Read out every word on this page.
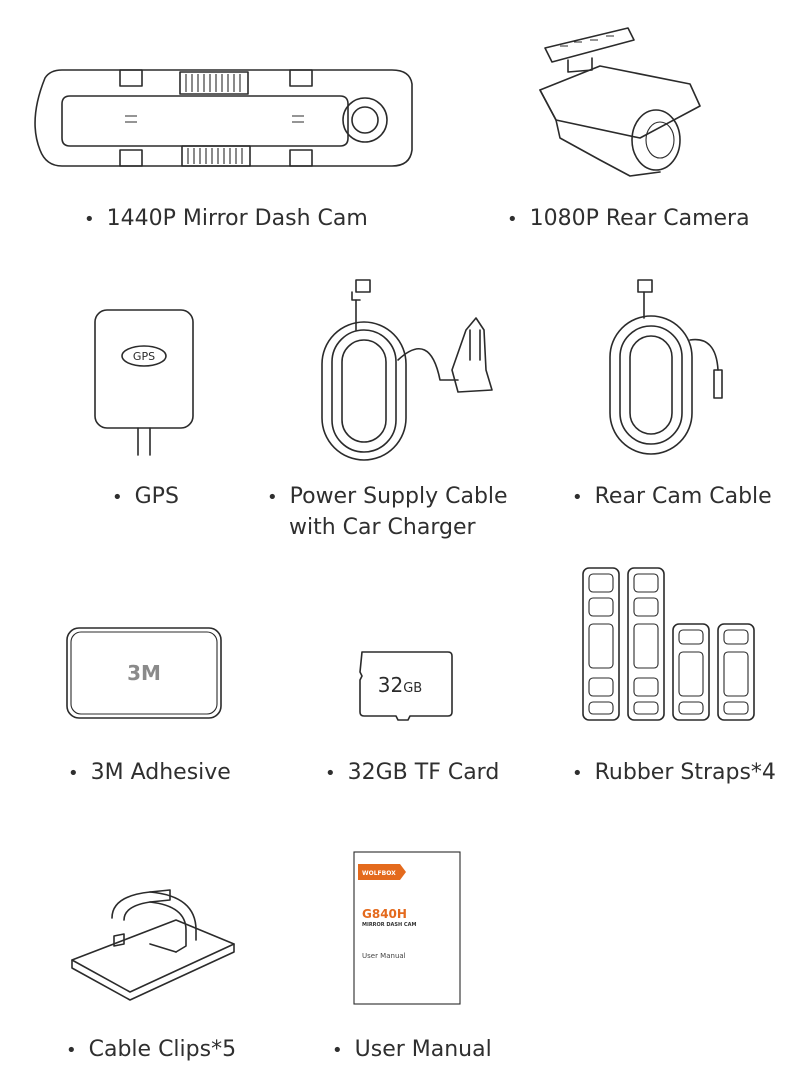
• 1440P Mirror Dash Cam	• 1080P Rear Camera
GPS
• GPS	• Power Supply Cable
with Car Charger
• Rear Cam Cable
3M
• 3M Adhesive
32GB
• 32GB TF Card	• Rubber Straps*4
• Cable Clips*5
WOLFBOX
G840H
MIRROR DASH CAM
User Manual
• User Manual
